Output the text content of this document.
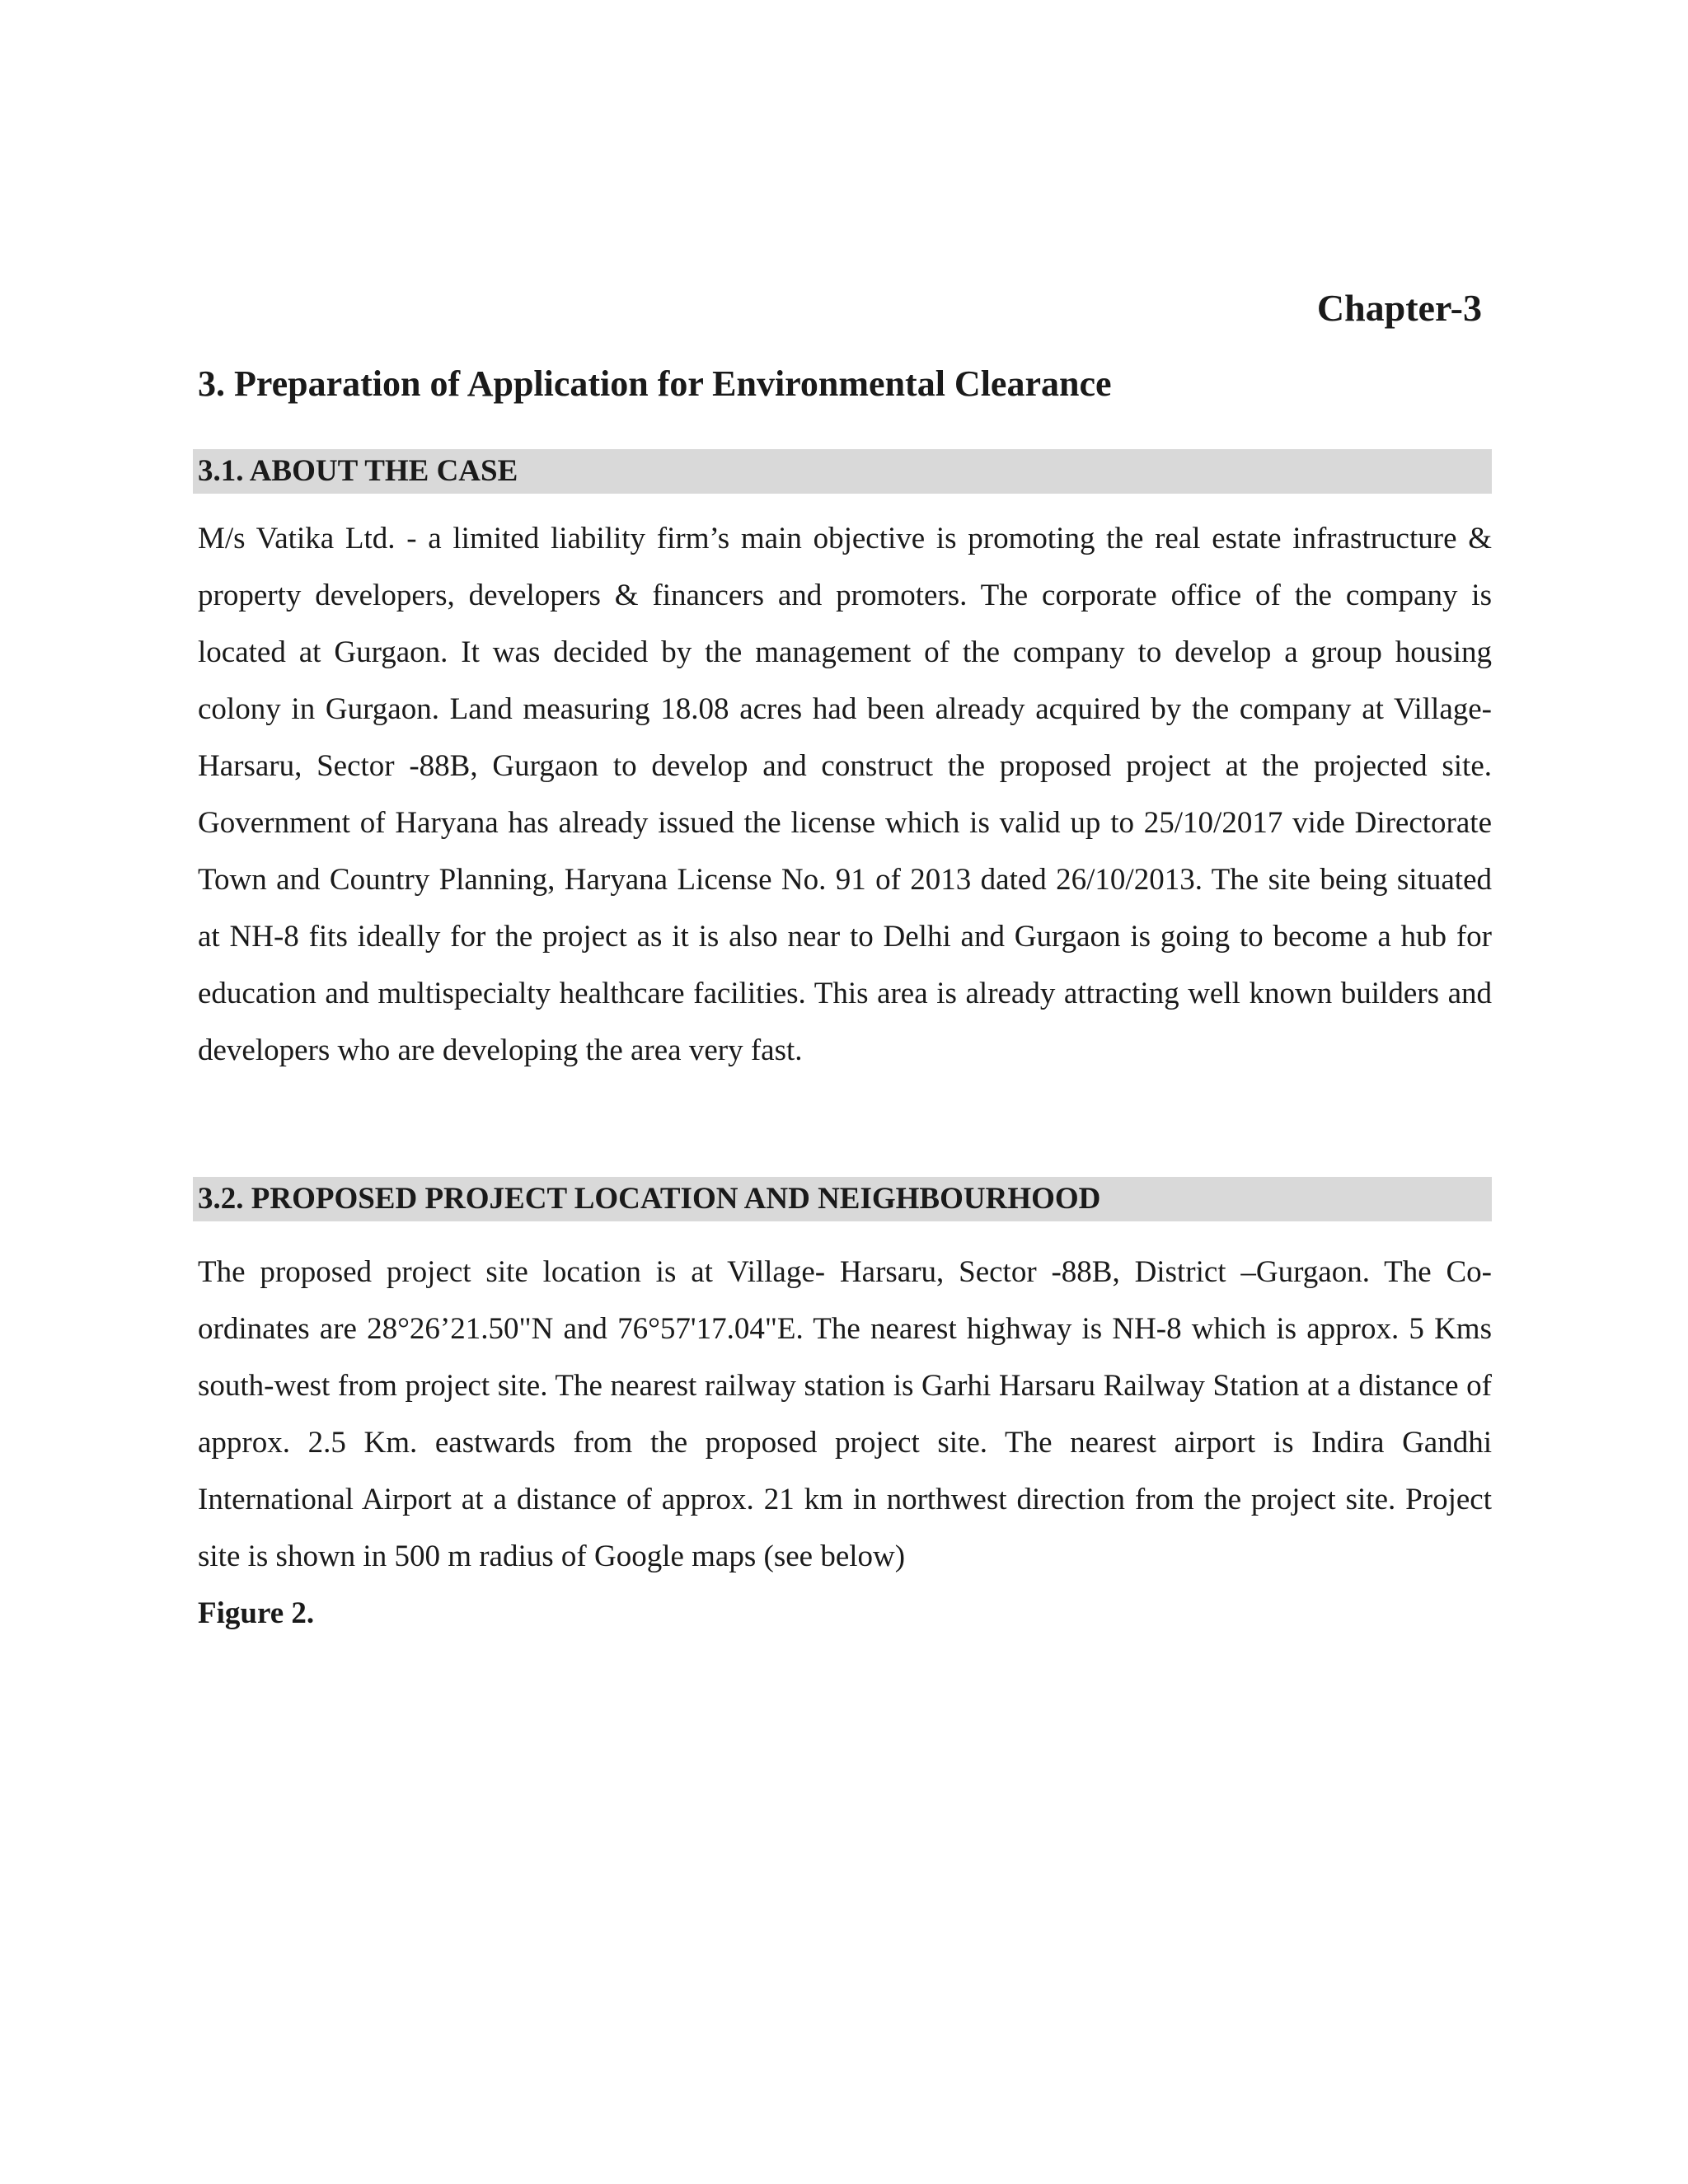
Chapter-3
3. Preparation of Application for Environmental Clearance
3.1. ABOUT THE CASE

M/s Vatika Ltd. - a limited liability firm’s main objective is promoting the real estate infrastructure & property developers, developers & financers and promoters. The corporate office of the company is located at Gurgaon. It was decided by the management of the company to develop a group housing colony in Gurgaon. Land measuring 18.08 acres had been already acquired by the company at Village- Harsaru, Sector -88B, Gurgaon to develop and construct the proposed project at the projected site. Government of Haryana has already issued the license which is valid up to 25/10/2017 vide Directorate Town and Country Planning, Haryana License No. 91 of 2013 dated 26/10/2013. The site being situated at NH-8 fits ideally for the project as it is also near to Delhi and Gurgaon is going to become a hub for education and multispecialty healthcare facilities. This area is already attracting well known builders and developers who are developing the area very fast.

3.2. PROPOSED PROJECT LOCATION AND NEIGHBOURHOOD
The proposed project site location is at Village- Harsaru, Sector -88B, District –Gurgaon. The Co-ordinates are 28°26’21.50"N and 76°57'17.04"E. The nearest highway is NH-8 which is approx. 5 Kms south-west from project site. The nearest railway station is Garhi Harsaru Railway Station at a distance of approx. 2.5 Km. eastwards from the proposed project site. The nearest airport is Indira Gandhi International Airport at a distance of approx. 21 km in northwest direction from the project site. Project site is shown in 500 m radius of Google maps (see below)
Figure 2.
